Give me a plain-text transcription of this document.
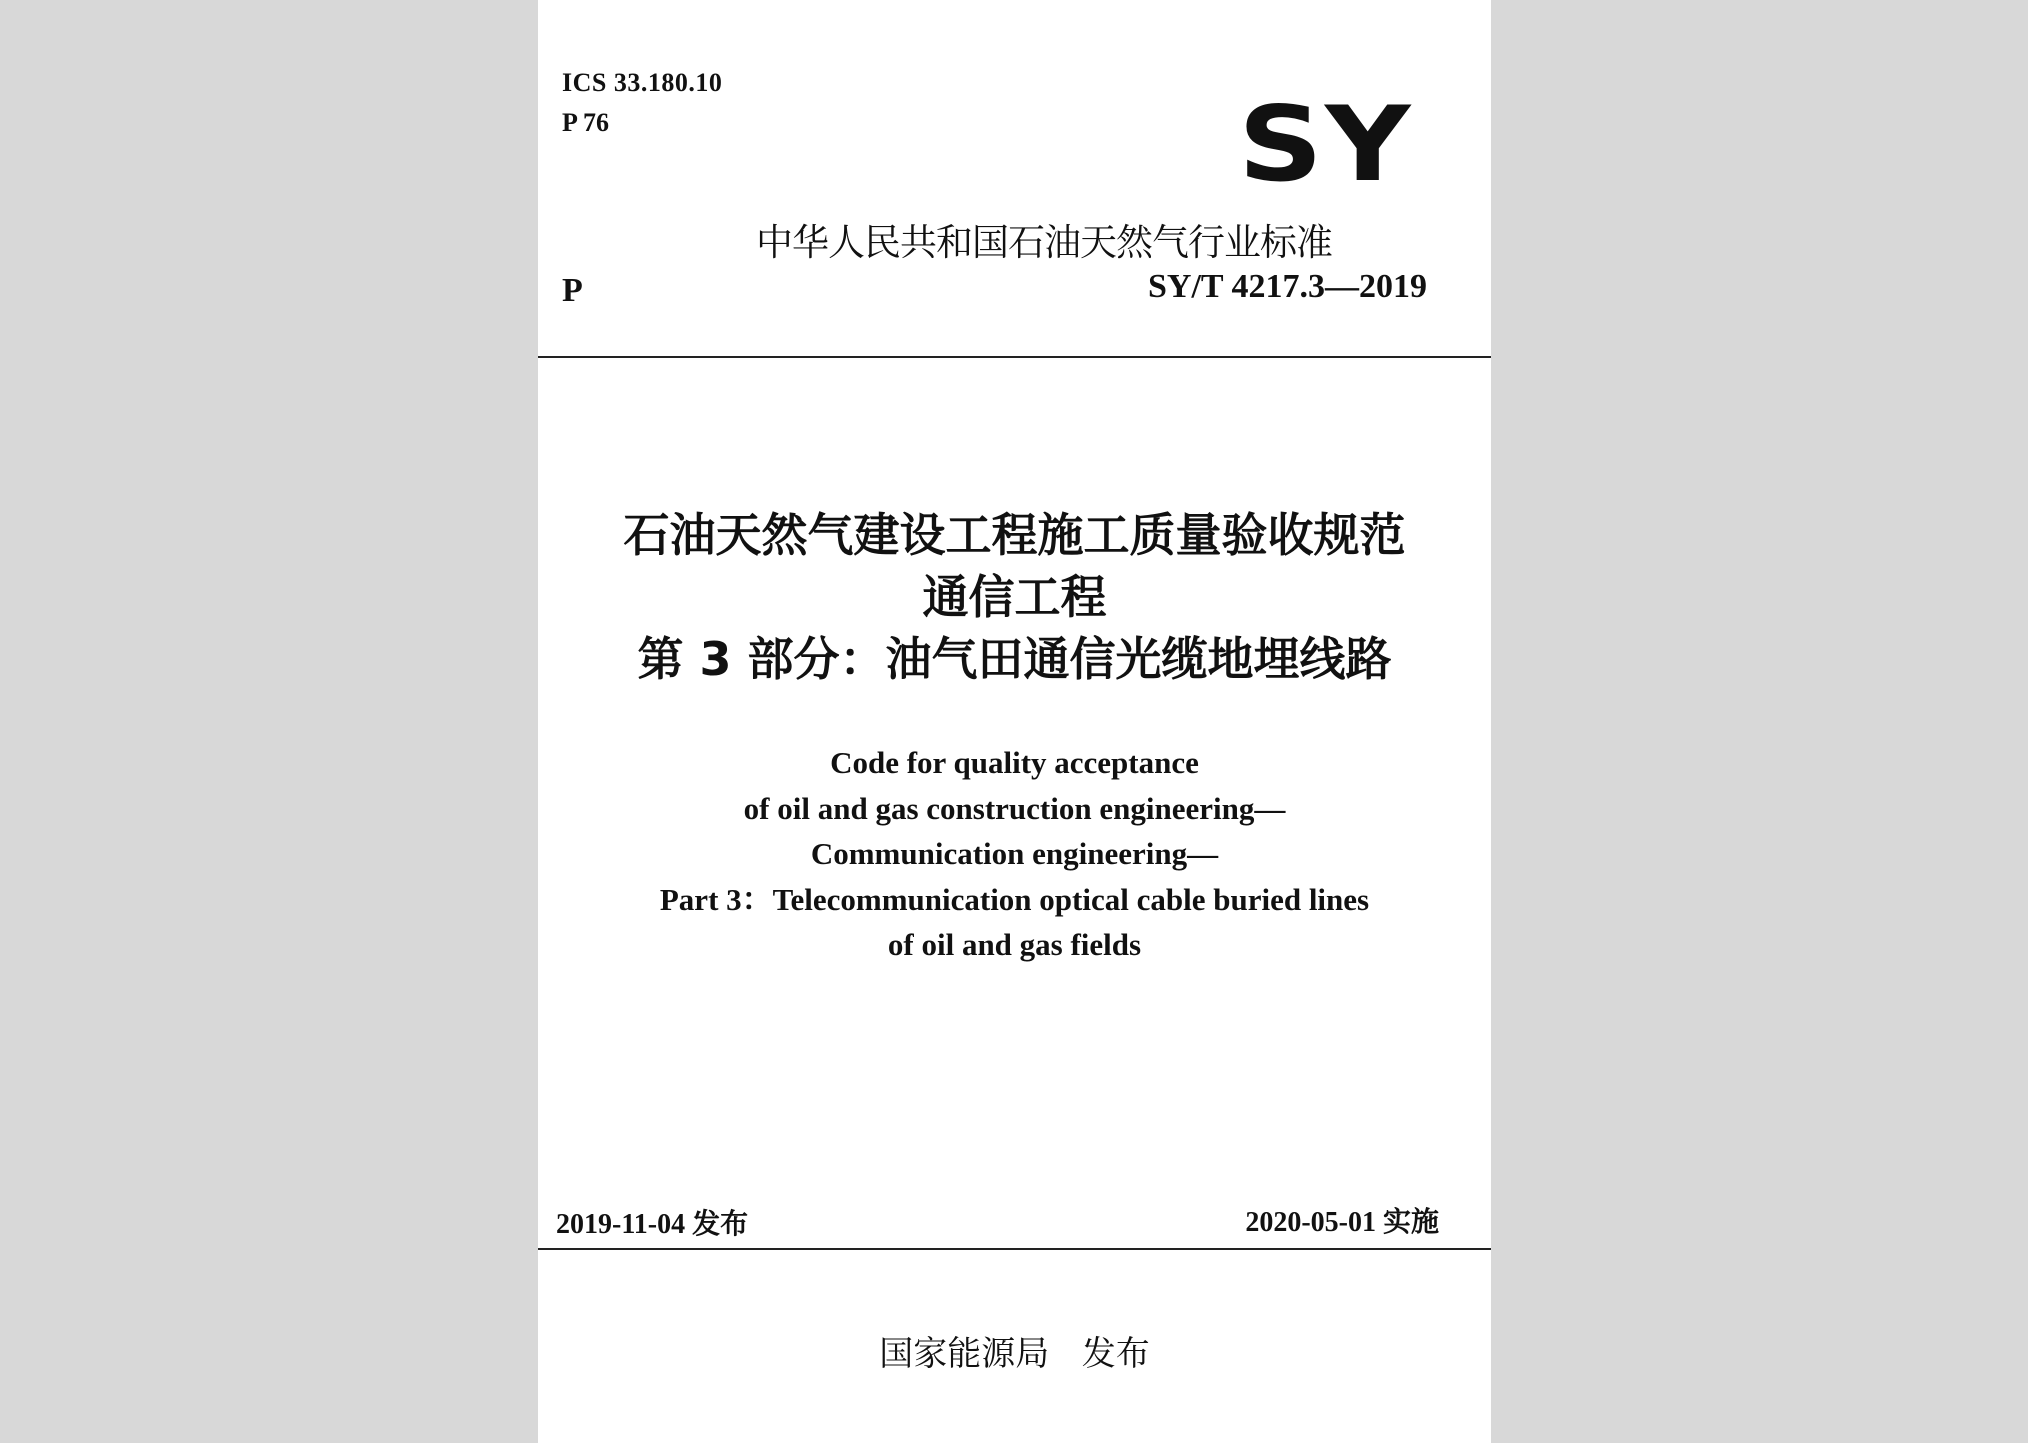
ICS 33.180.10
P 76	SY
中华人民共和国石油天然气行业标准
P	SY/T 4217.3—2019
石油天然气建设工程施工质量验收规范
通信工程
第 3 部分：油气田通信光缆地埋线路
Code for quality acceptance
of oil and gas construction engineering—
Communication engineering—
Part 3：Telecommunication optical cable buried lines
of oil and gas fields
2019-11-04 发布	2020-05-01 实施
国家能源局   发布
